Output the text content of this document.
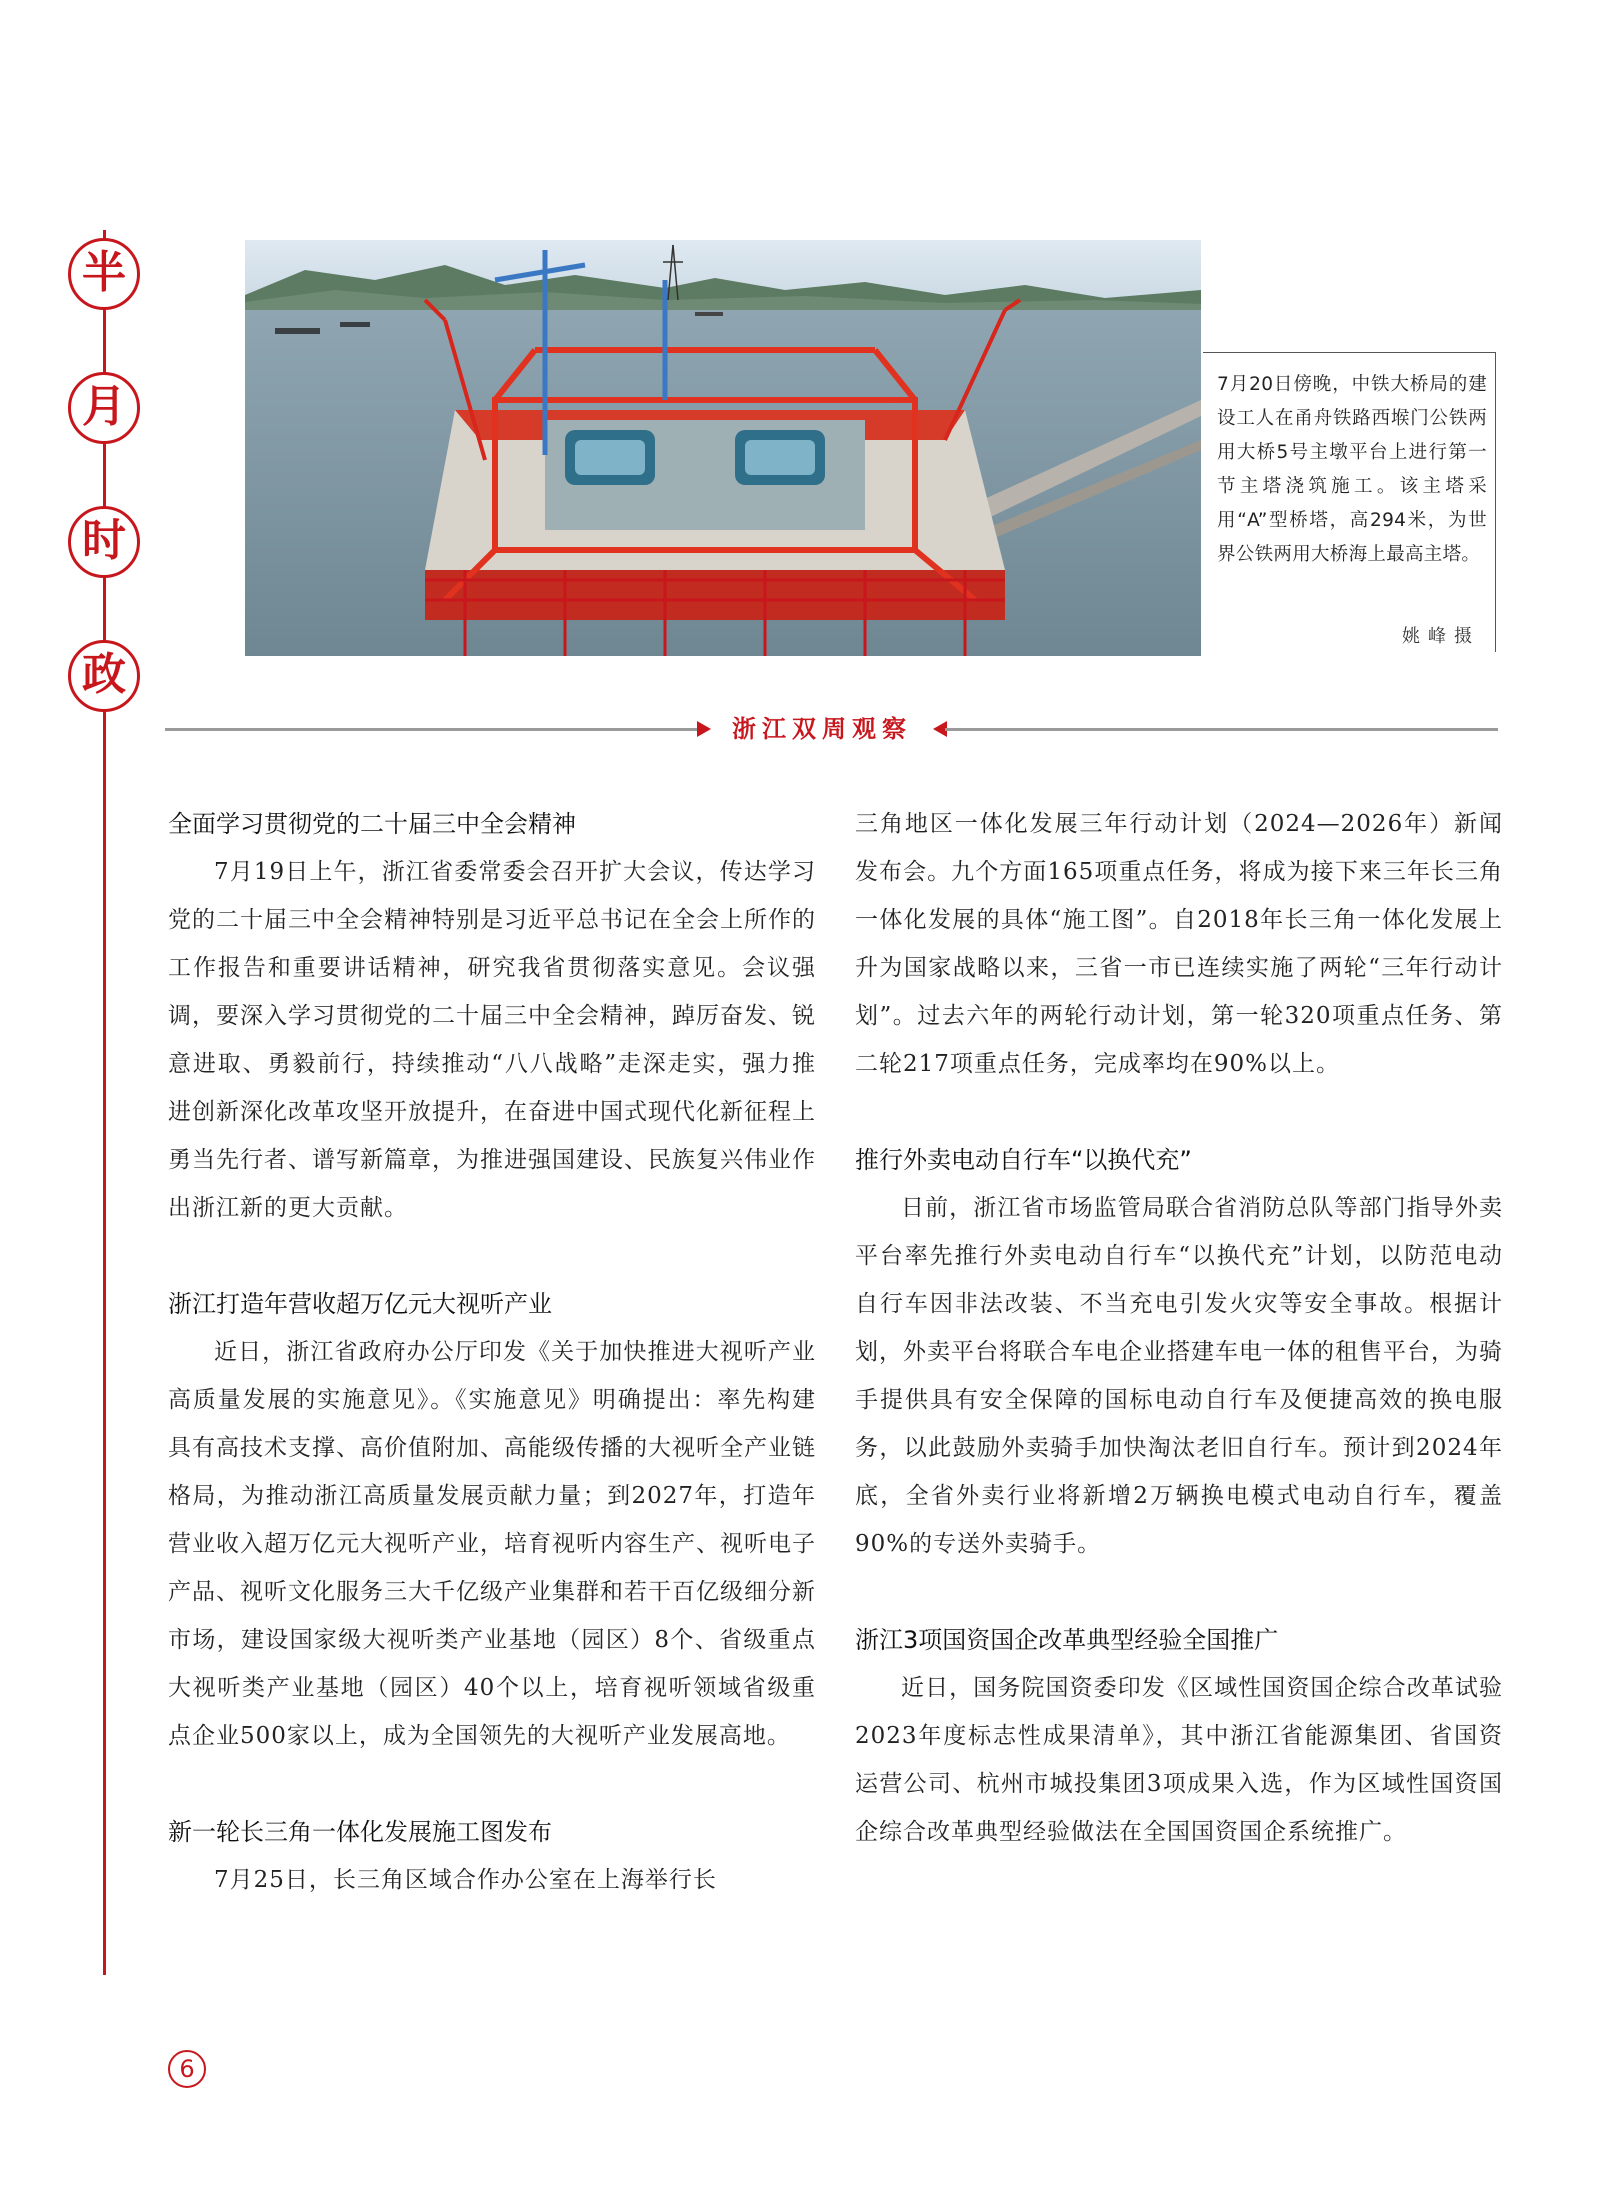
半
月
时
政
7月20日傍晚，中铁大桥局的建设工人在甬舟铁路西堠门公铁两用大桥5号主墩平台上进行第一节主塔浇筑施工。该主塔采用“A”型桥塔，高294米，为世界公铁两用大桥海上最高主塔。
姚峰摄
浙江双周观察
全面学习贯彻党的二十届三中全会精神

7月19日上午，浙江省委常委会召开扩大会议，传达学习党的二十届三中全会精神特别是习近平总书记在全会上所作的工作报告和重要讲话精神，研究我省贯彻落实意见。会议强调，要深入学习贯彻党的二十届三中全会精神，踔厉奋发、锐意进取、勇毅前行，持续推动“八八战略”走深走实，强力推进创新深化改革攻坚开放提升，在奋进中国式现代化新征程上勇当先行者、谱写新篇章，为推进强国建设、民族复兴伟业作出浙江新的更大贡献。

浙江打造年营收超万亿元大视听产业

近日，浙江省政府办公厅印发《关于加快推进大视听产业高质量发展的实施意见》。《实施意见》明确提出：率先构建具有高技术支撑、高价值附加、高能级传播的大视听全产业链格局，为推动浙江高质量发展贡献力量；到2027年，打造年营业收入超万亿元大视听产业，培育视听内容生产、视听电子产品、视听文化服务三大千亿级产业集群和若干百亿级细分新市场，建设国家级大视听类产业基地（园区）8个、省级重点大视听类产业基地（园区）40个以上，培育视听领域省级重点企业500家以上，成为全国领先的大视听产业发展高地。

新一轮长三角一体化发展施工图发布

7月25日，长三角区域合作办公室在上海举行长

三角地区一体化发展三年行动计划（2024—2026年）新闻发布会。九个方面165项重点任务，将成为接下来三年长三角一体化发展的具体“施工图”。自2018年长三角一体化发展上升为国家战略以来，三省一市已连续实施了两轮“三年行动计划”。过去六年的两轮行动计划，第一轮320项重点任务、第二轮217项重点任务，完成率均在90%以上。

推行外卖电动自行车“以换代充”

日前，浙江省市场监管局联合省消防总队等部门指导外卖平台率先推行外卖电动自行车“以换代充”计划，以防范电动自行车因非法改装、不当充电引发火灾等安全事故。根据计划，外卖平台将联合车电企业搭建车电一体的租售平台，为骑手提供具有安全保障的国标电动自行车及便捷高效的换电服务，以此鼓励外卖骑手加快淘汰老旧自行车。预计到2024年底，全省外卖行业将新增2万辆换电模式电动自行车，覆盖90%的专送外卖骑手。

浙江3项国资国企改革典型经验全国推广

近日，国务院国资委印发《区域性国资国企综合改革试验2023年度标志性成果清单》，其中浙江省能源集团、省国资运营公司、杭州市城投集团3项成果入选，作为区域性国资国企综合改革典型经验做法在全国国资国企系统推广。

6
